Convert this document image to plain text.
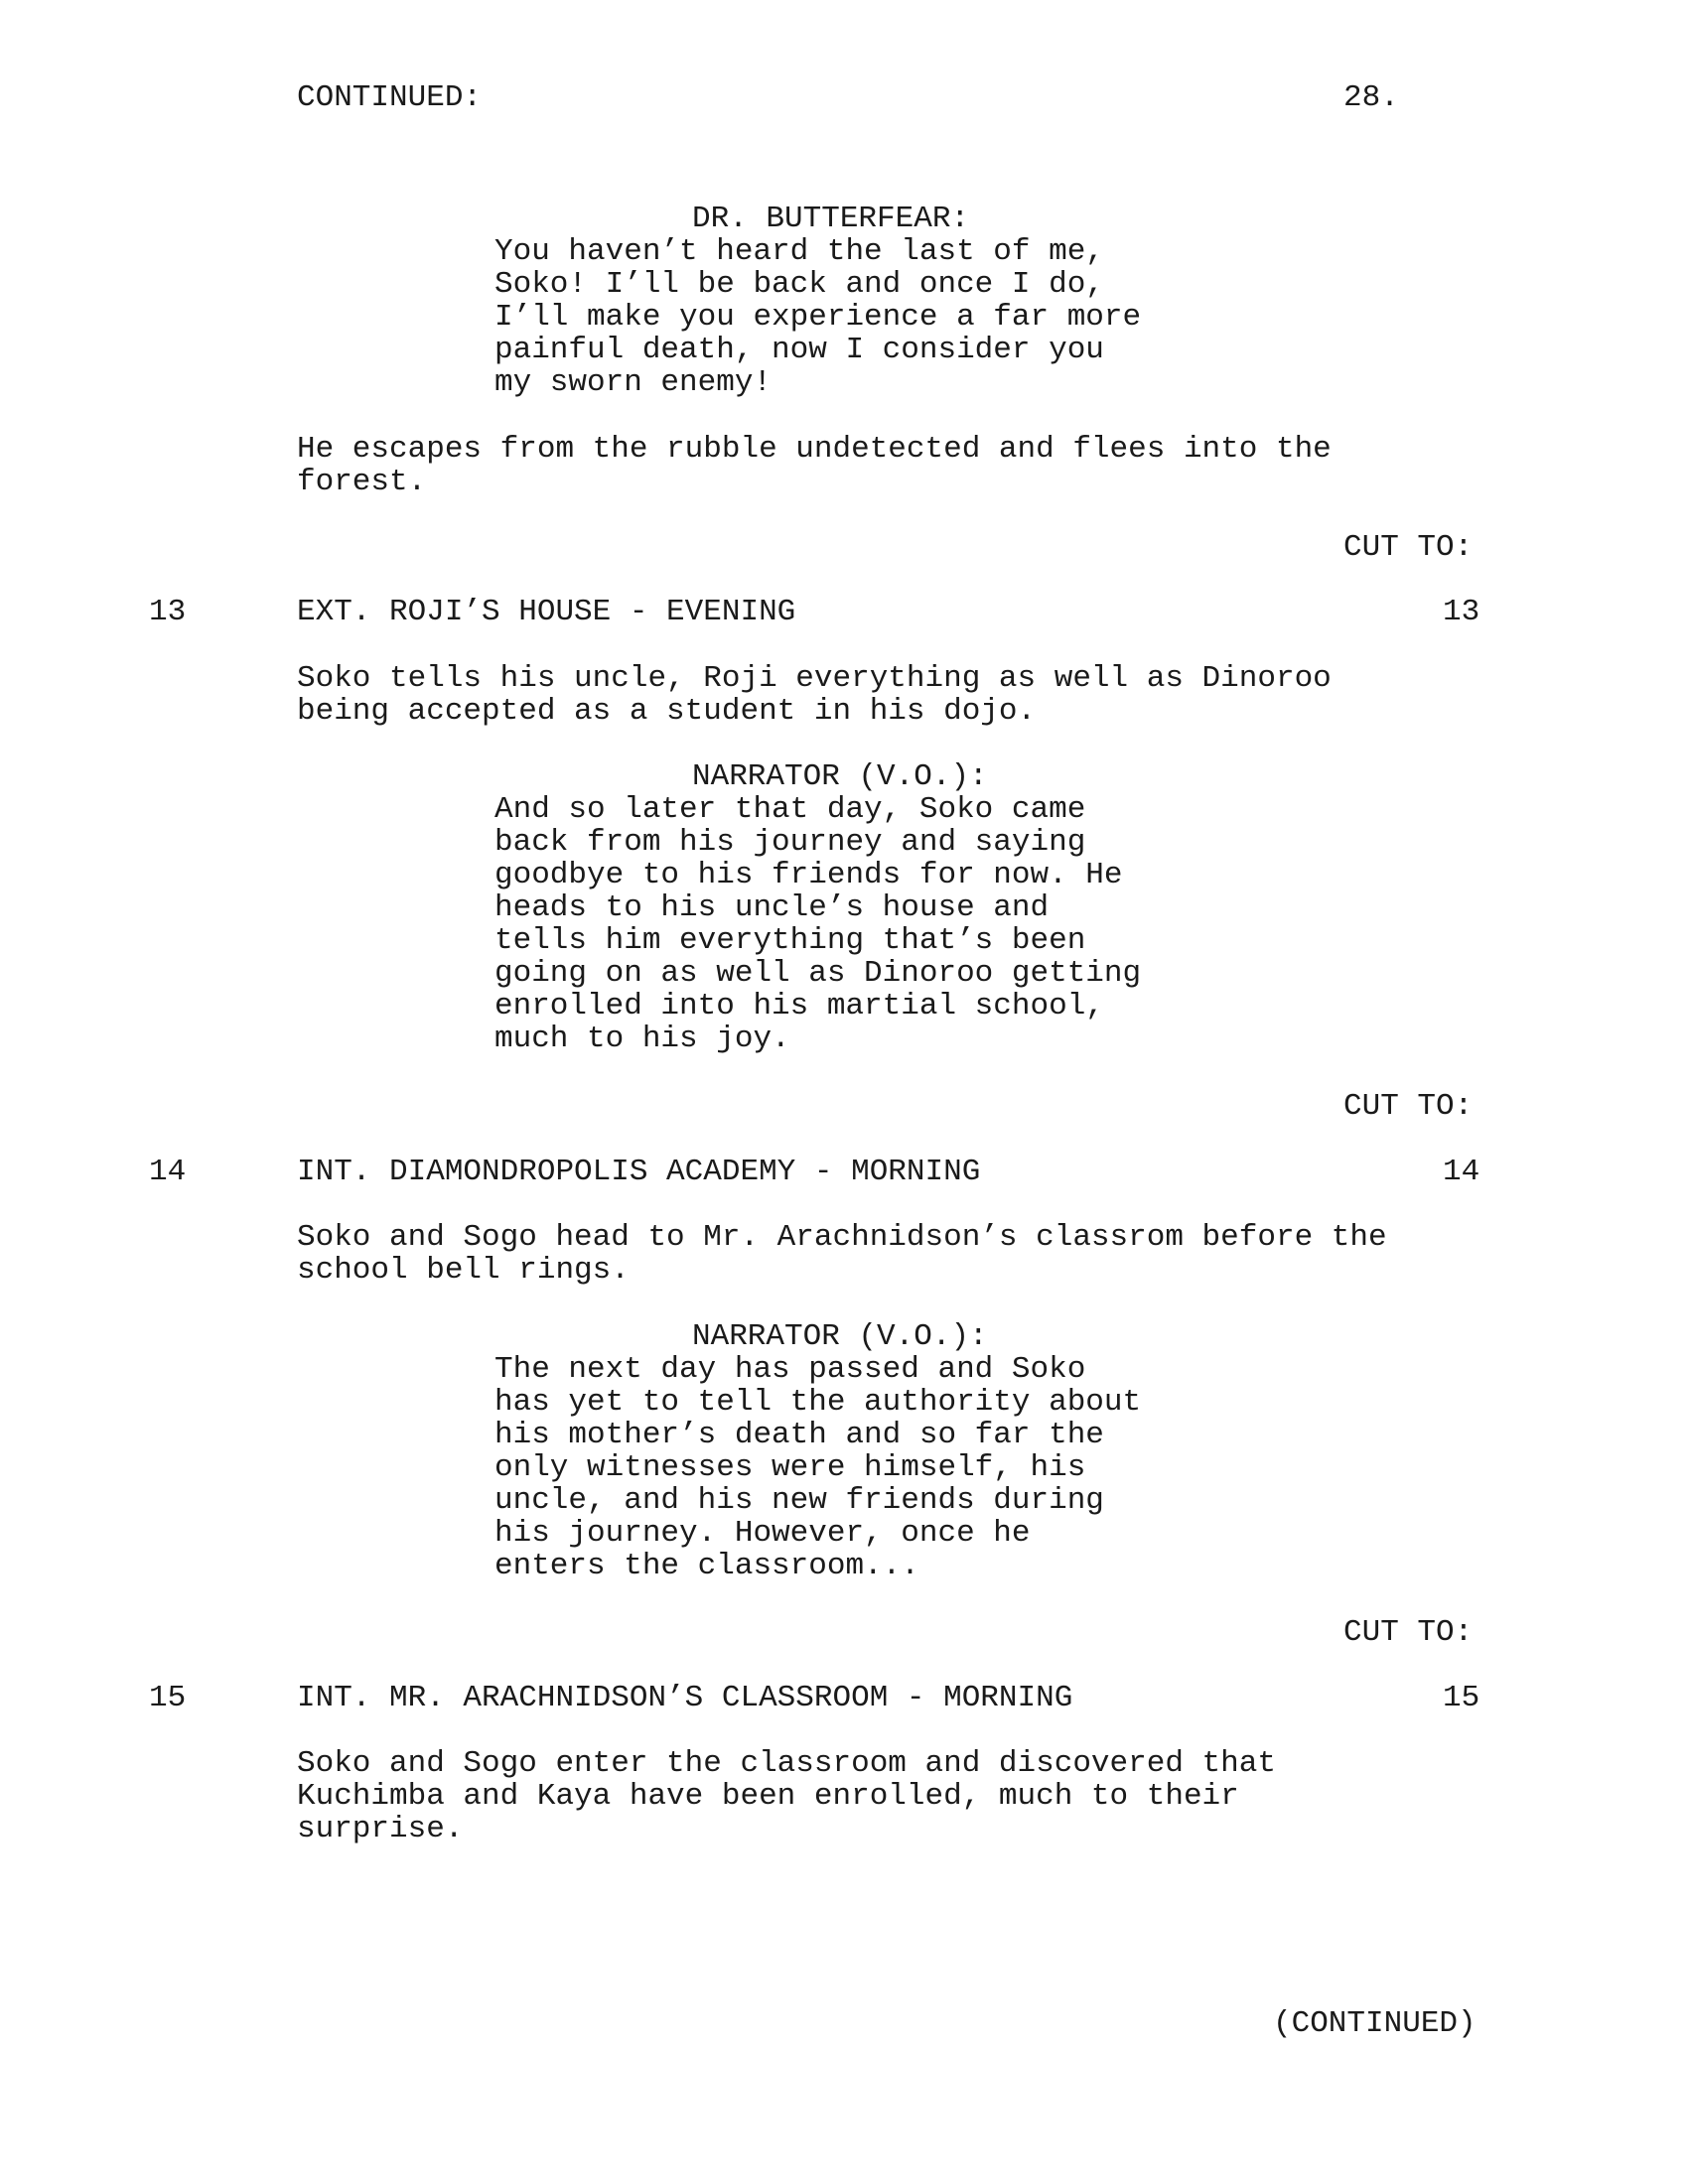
CONTINUED:	28.
DR. BUTTERFEAR:
You haven’t heard the last of me,
Soko! I’ll be back and once I do,
I’ll make you experience a far more
painful death, now I consider you
my sworn enemy!
He escapes from the rubble undetected and flees into the
forest.
CUT TO:
13	EXT. ROJI’S HOUSE - EVENING	13
Soko tells his uncle, Roji everything as well as Dinoroo
being accepted as a student in his dojo.
NARRATOR (V.O.):
And so later that day, Soko came
back from his journey and saying
goodbye to his friends for now. He
heads to his uncle’s house and
tells him everything that’s been
going on as well as Dinoroo getting
enrolled into his martial school,
much to his joy.
CUT TO:
14	INT. DIAMONDROPOLIS ACADEMY - MORNING	14
Soko and Sogo head to Mr. Arachnidson’s classrom before the
school bell rings.
NARRATOR (V.O.):
The next day has passed and Soko
has yet to tell the authority about
his mother’s death and so far the
only witnesses were himself, his
uncle, and his new friends during
his journey. However, once he
enters the classroom...
CUT TO:
15	INT. MR. ARACHNIDSON’S CLASSROOM - MORNING	15
Soko and Sogo enter the classroom and discovered that
Kuchimba and Kaya have been enrolled, much to their
surprise.
(CONTINUED)
